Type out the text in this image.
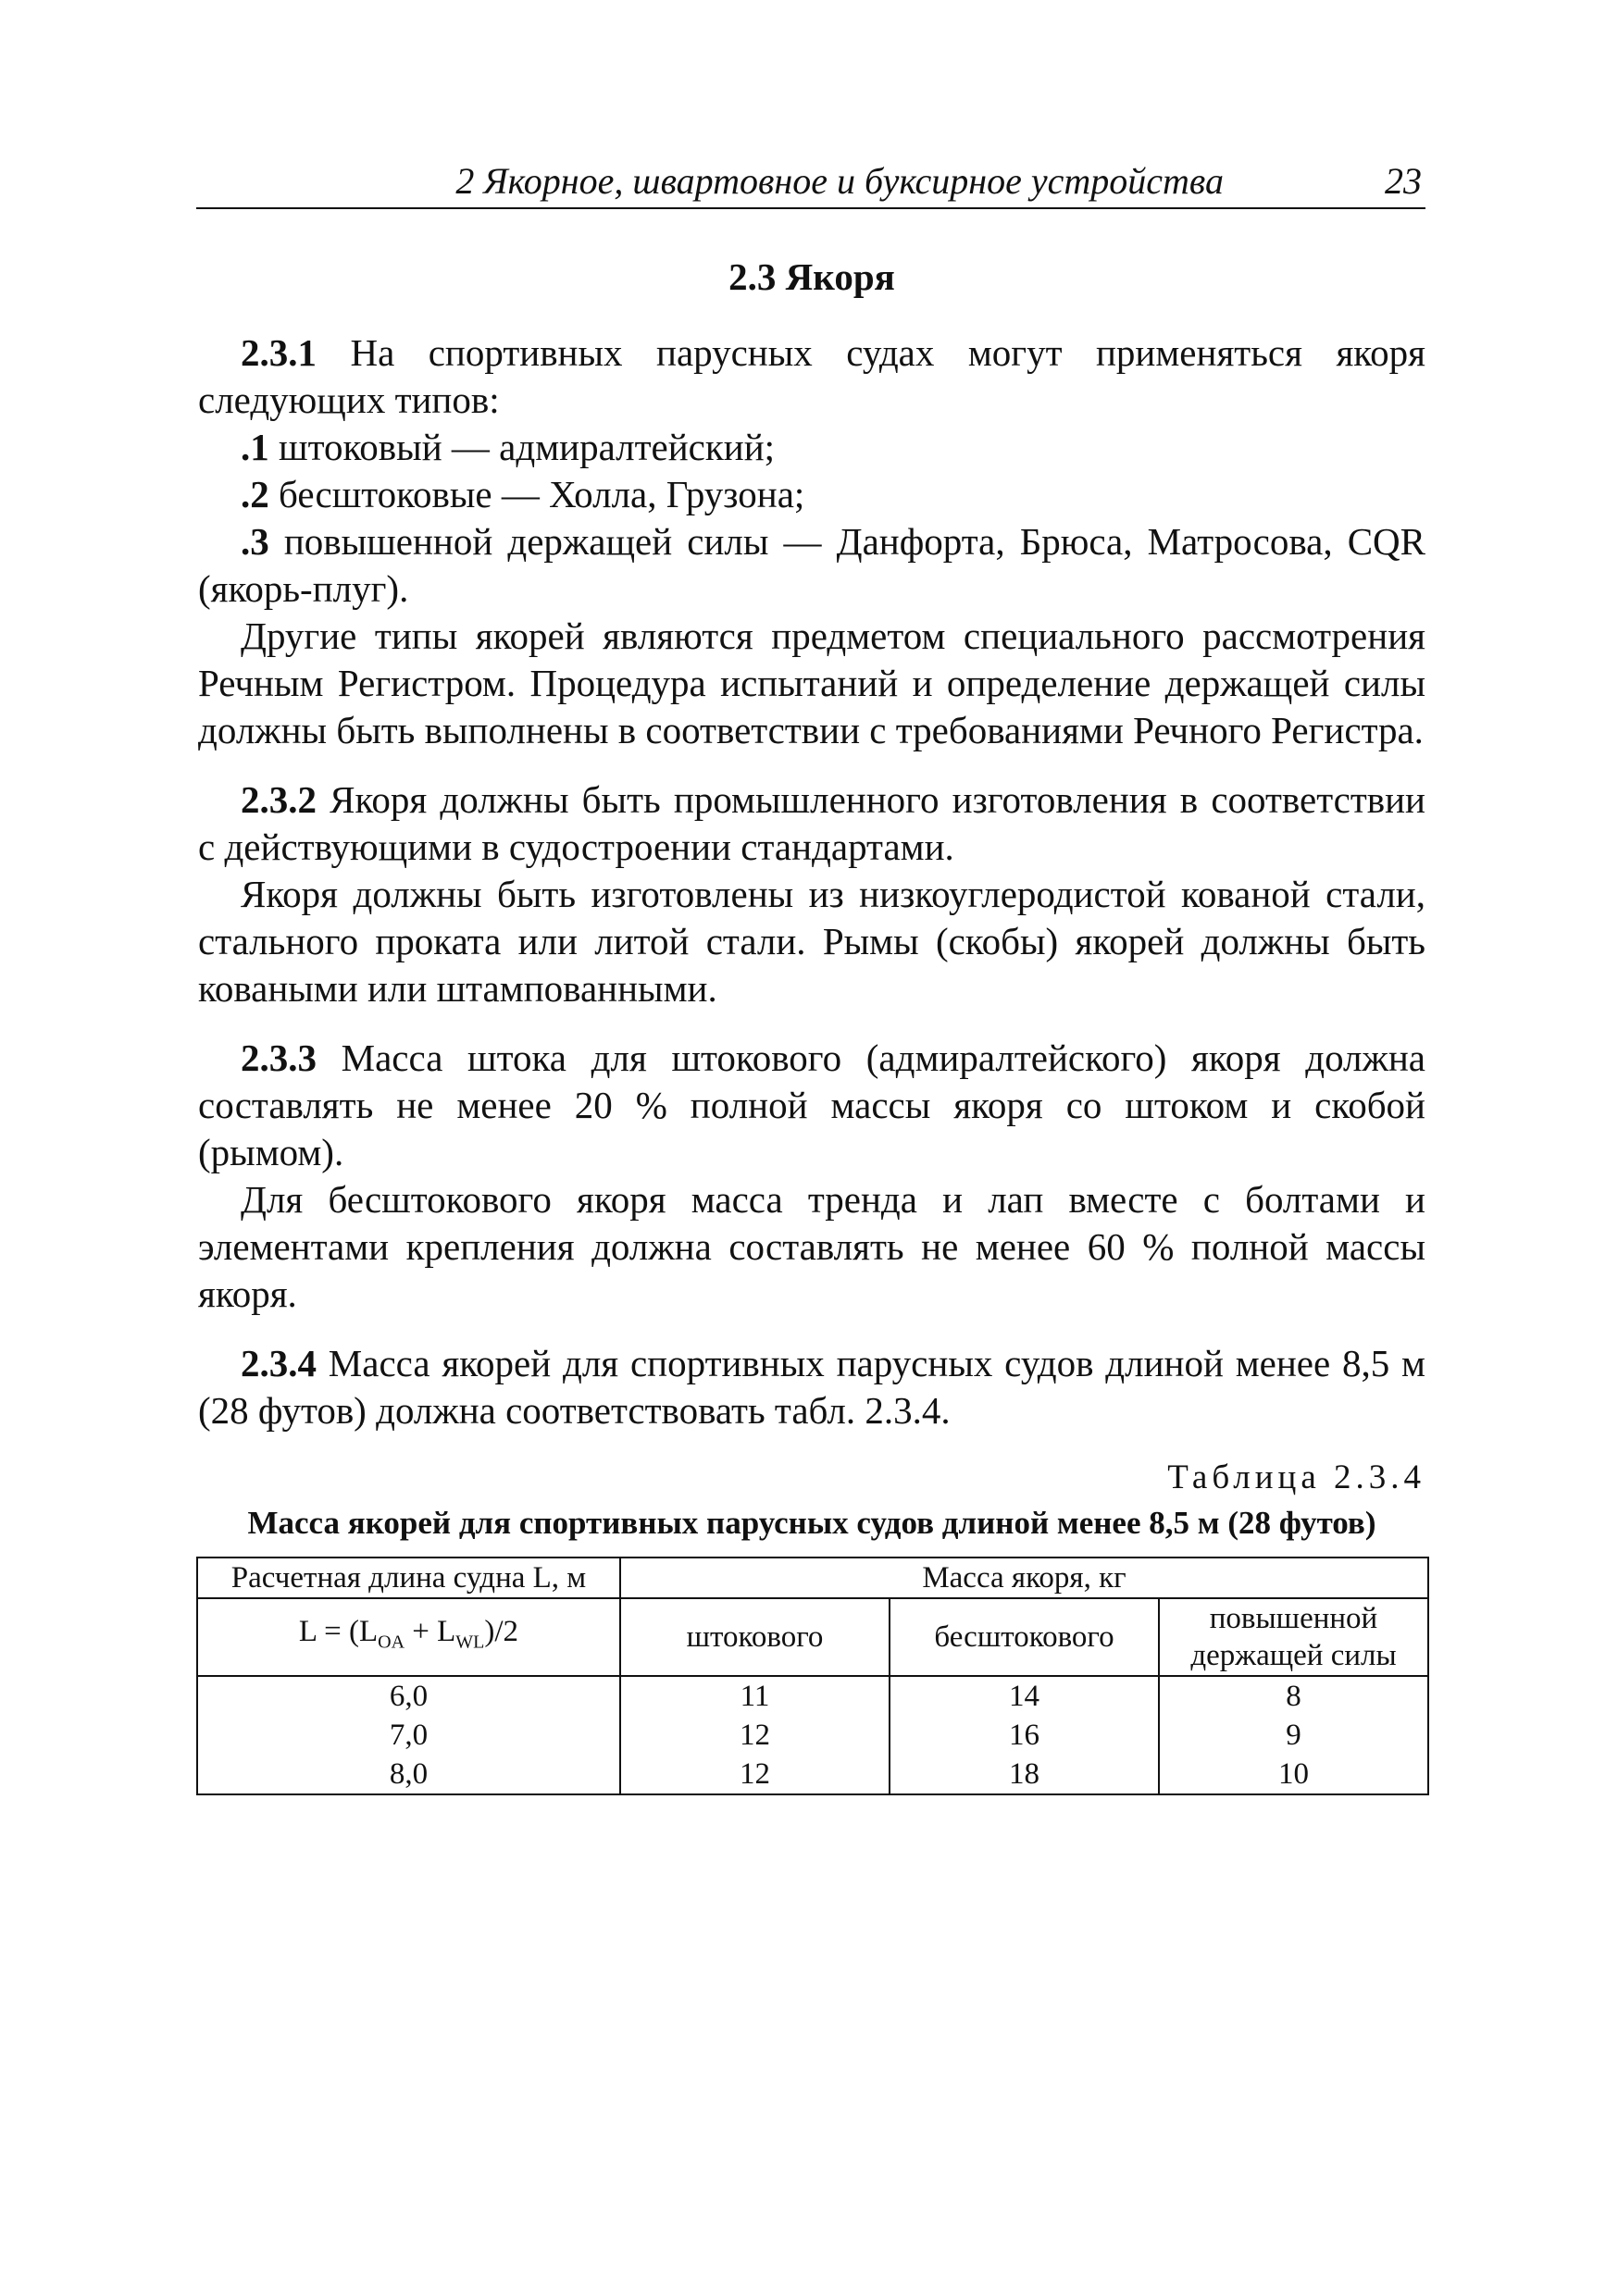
2 Якорное, швартовное и буксирное устройства	23
2.3 Якоря

2.3.1 На спортивных парусных судах могут применяться якоря следующих типов:

.1 штоковый — адмиралтейский;

.2 бесштоковые — Холла, Грузона;

.3 повышенной держащей силы — Данфорта, Брюса, Матросова, CQR (якорь-плуг).

Другие типы якорей являются предметом специального рассмотрения Речным Регистром. Процедура испытаний и определение держащей силы должны быть выполнены в соответствии с требованиями Речного Регистра.

2.3.2 Якоря должны быть промышленного изготовления в соответствии с действующими в судостроении стандартами.

Якоря должны быть изготовлены из низкоуглеродистой кованой стали, стального проката или литой стали. Рымы (скобы) якорей должны быть коваными или штампованными.

2.3.3 Масса штока для штокового (адмиралтейского) якоря должна составлять не менее 20 % полной массы якоря со штоком и скобой (рымом).

Для бесштокового якоря масса тренда и лап вместе с болтами и элементами крепления должна составлять не менее 60 % полной массы якоря.

2.3.4 Масса якорей для спортивных парусных судов длиной менее 8,5 м (28 футов) должна соответствовать табл. 2.3.4.

Таблица 2.3.4
Масса якорей для спортивных парусных судов длиной менее 8,5 м (28 футов)
Расчетная длина судна L, м	Масса якоря, кг		
$L = (L_{OA} + L_{WL})/2$	штокового	бесштокового	повышенной держащей силы
6,0	11	14	8
7,0	12	16	9
8,0	12	18	10
